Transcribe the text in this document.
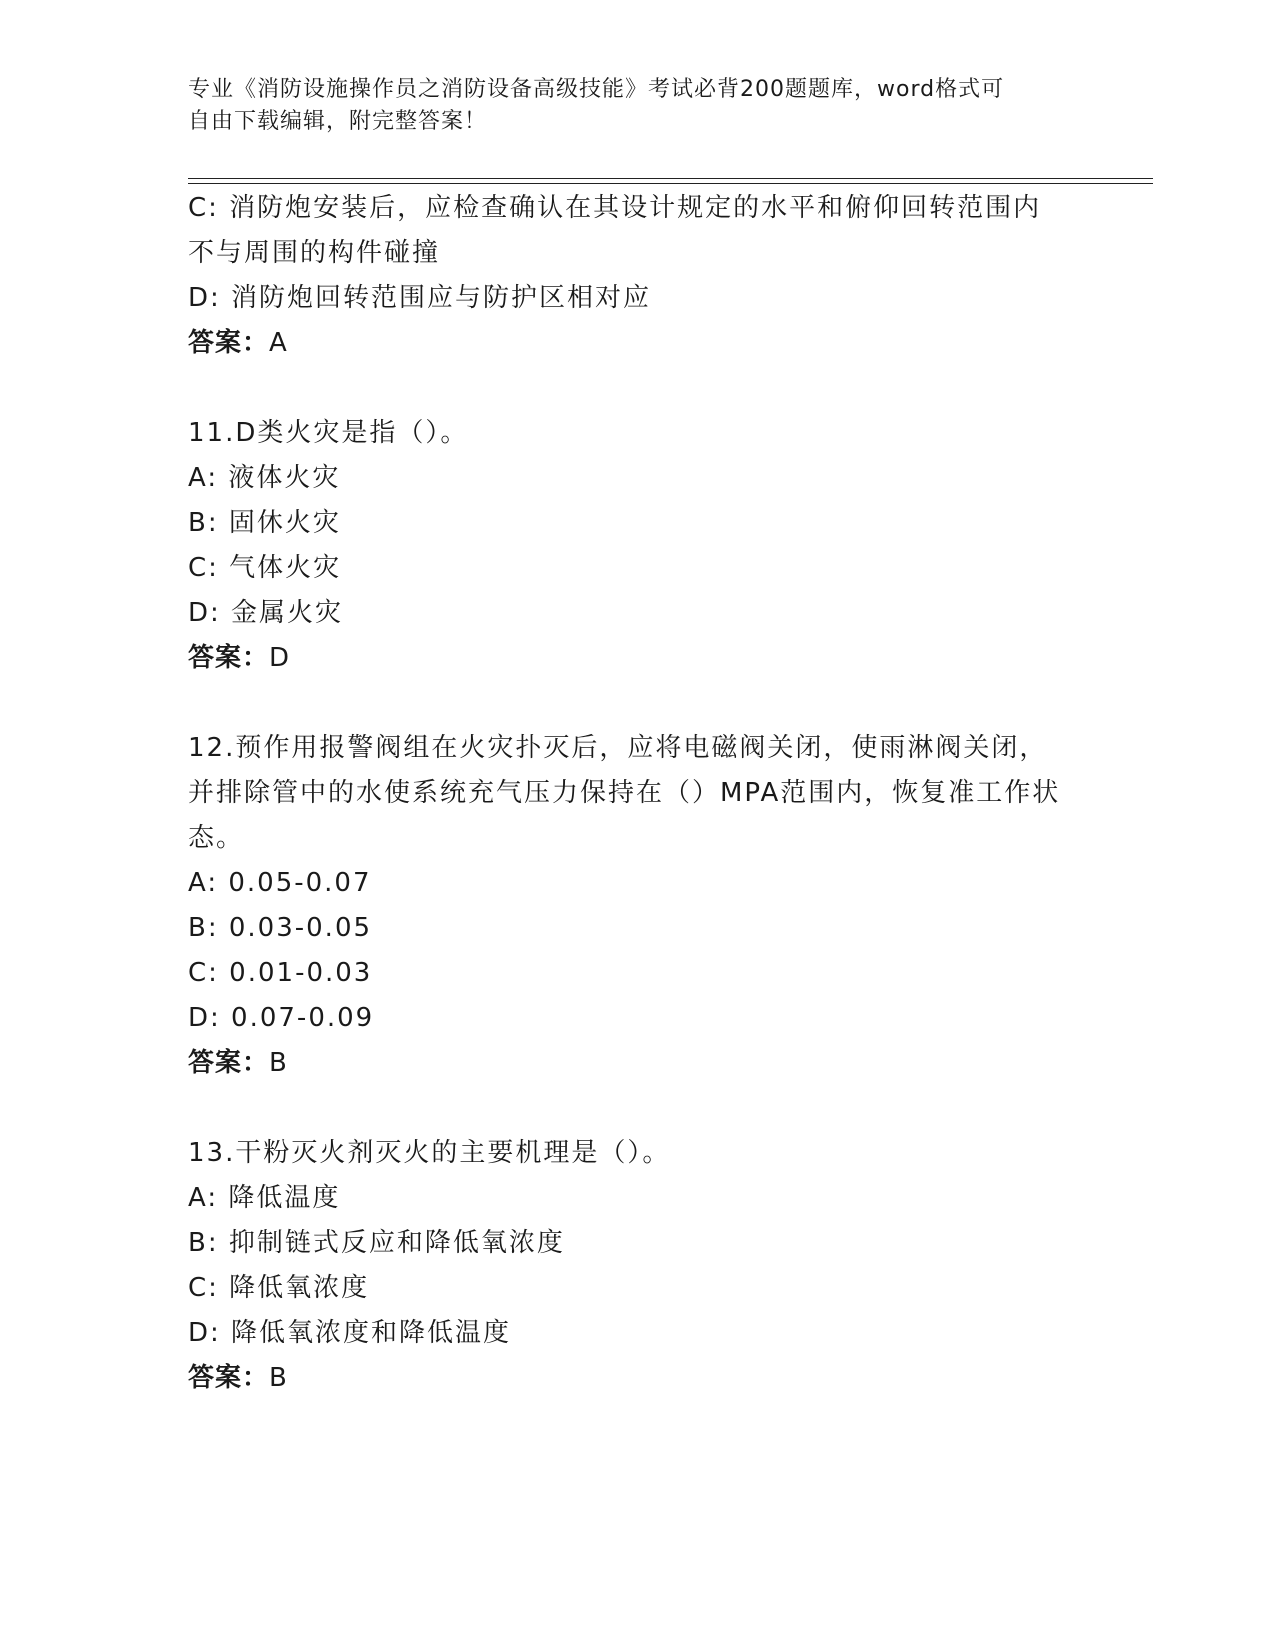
专业《消防设施操作员之消防设备高级技能》考试必背200题题库，word格式可
自由下载编辑，附完整答案！
C: 消防炮安装后，应检查确认在其设计规定的水平和俯仰回转范围内
不与周围的构件碰撞
D: 消防炮回转范围应与防护区相对应
答案：A
11.D类火灾是指（）。
A: 液体火灾
B: 固休火灾
C: 气体火灾
D: 金属火灾
答案：D
12.预作用报警阀组在火灾扑灭后，应将电磁阀关闭，使雨淋阀关闭，
并排除管中的水使系统充气压力保持在（）MPA范围内，恢复准工作状
态。
A: 0.05-0.07
B: 0.03-0.05
C: 0.01-0.03
D: 0.07-0.09
答案：B
13.干粉灭火剂灭火的主要机理是（）。
A: 降低温度
B: 抑制链式反应和降低氧浓度
C: 降低氧浓度
D: 降低氧浓度和降低温度
答案：B
